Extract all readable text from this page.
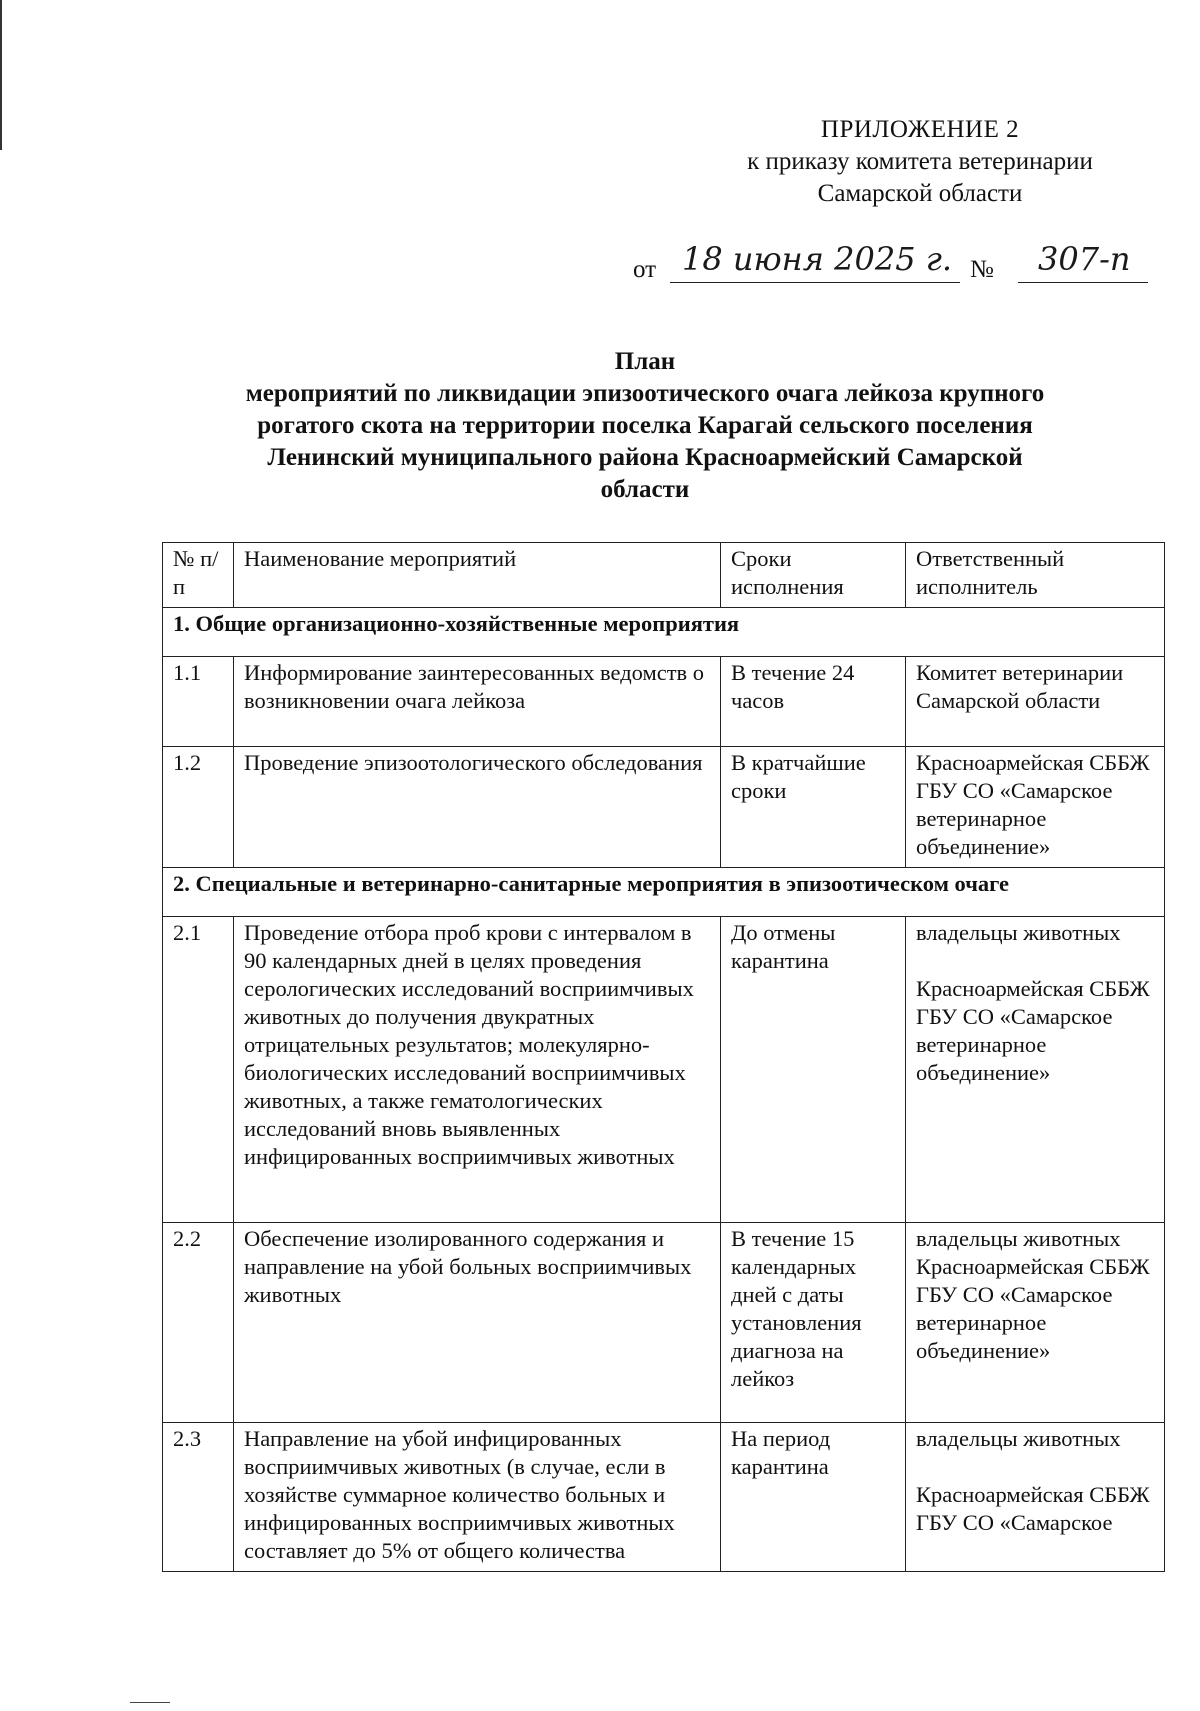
ПРИЛОЖЕНИЕ 2
к приказу комитета ветеринарии
Самарской области
от 18 июня 2025 г. № 307-п
План
мероприятий по ликвидации эпизоотического очага лейкоза крупного
рогатого скота на территории поселка Карагай сельского поселения
Ленинский муниципального района Красноармейский Самарской
области
№ п/п	Наименование мероприятий	Сроки исполнения	Ответственный исполнитель
1. Общие организационно-хозяйственные мероприятия			
1.1	Информирование заинтересованных ведомств о возникновении очага лейкоза	В течение 24 часов	Комитет ветеринарии Самарской области
1.2	Проведение эпизоотологического обследования	В кратчайшие сроки	Красноармейская СББЖ ГБУ СО «Самарское ветеринарное объединение»
2. Специальные и ветеринарно-санитарные мероприятия в эпизоотическом очаге			
2.1	Проведение отбора проб крови с интервалом в 90 календарных дней в целях проведения серологических исследований восприимчивых животных до получения двукратных отрицательных результатов; молекулярно-биологических исследований восприимчивых животных, а также гематологических исследований вновь выявленных инфицированных восприимчивых животных	До отмены карантина	владельцы животных
Красноармейская СББЖ ГБУ СО «Самарское ветеринарное объединение»
2.2	Обеспечение изолированного содержания и направление на убой больных восприимчивых животных	В течение 15 календарных дней с даты установления диагноза на лейкоз	владельцы животных Красноармейская СББЖ ГБУ СО «Самарское ветеринарное объединение»
2.3	Направление на убой инфицированных восприимчивых животных (в случае, если в хозяйстве суммарное количество больных и инфицированных восприимчивых животных составляет до 5% от общего количества	На период карантина	владельцы животных
Красноармейская СББЖ ГБУ СО «Самарское
